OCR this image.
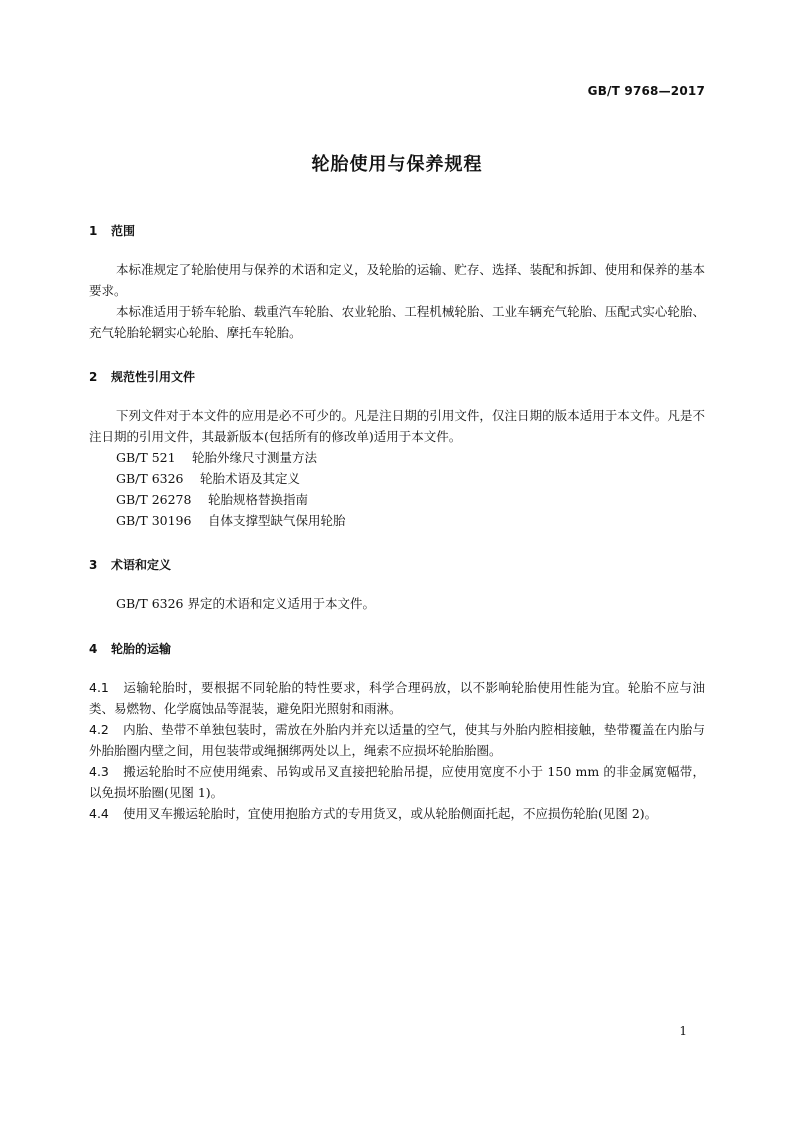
GB/T 9768—2017
轮胎使用与保养规程
1 范围

本标准规定了轮胎使用与保养的术语和定义，及轮胎的运输、贮存、选择、装配和拆卸、使用和保养的基本要求。

本标准适用于轿车轮胎、载重汽车轮胎、农业轮胎、工程机械轮胎、工业车辆充气轮胎、压配式实心轮胎、充气轮胎轮辋实心轮胎、摩托车轮胎。

2 规范性引用文件

下列文件对于本文件的应用是必不可少的。凡是注日期的引用文件，仅注日期的版本适用于本文件。凡是不注日期的引用文件，其最新版本(包括所有的修改单)适用于本文件。

GB/T 521 轮胎外缘尺寸测量方法

GB/T 6326 轮胎术语及其定义

GB/T 26278 轮胎规格替换指南

GB/T 30196 自体支撑型缺气保用轮胎

3 术语和定义

GB/T 6326 界定的术语和定义适用于本文件。

4 轮胎的运输

4.1 运输轮胎时，要根据不同轮胎的特性要求，科学合理码放，以不影响轮胎使用性能为宜。轮胎不应与油类、易燃物、化学腐蚀品等混装，避免阳光照射和雨淋。

4.2 内胎、垫带不单独包装时，需放在外胎内并充以适量的空气，使其与外胎内腔相接触，垫带覆盖在内胎与外胎胎圈内壁之间，用包装带或绳捆绑两处以上，绳索不应损坏轮胎胎圈。

4.3 搬运轮胎时不应使用绳索、吊钩或吊叉直接把轮胎吊提，应使用宽度不小于 150 mm 的非金属宽幅带，以免损坏胎圈(见图 1)。

4.4 使用叉车搬运轮胎时，宜使用抱胎方式的专用货叉，或从轮胎侧面托起，不应损伤轮胎(见图 2)。

1
